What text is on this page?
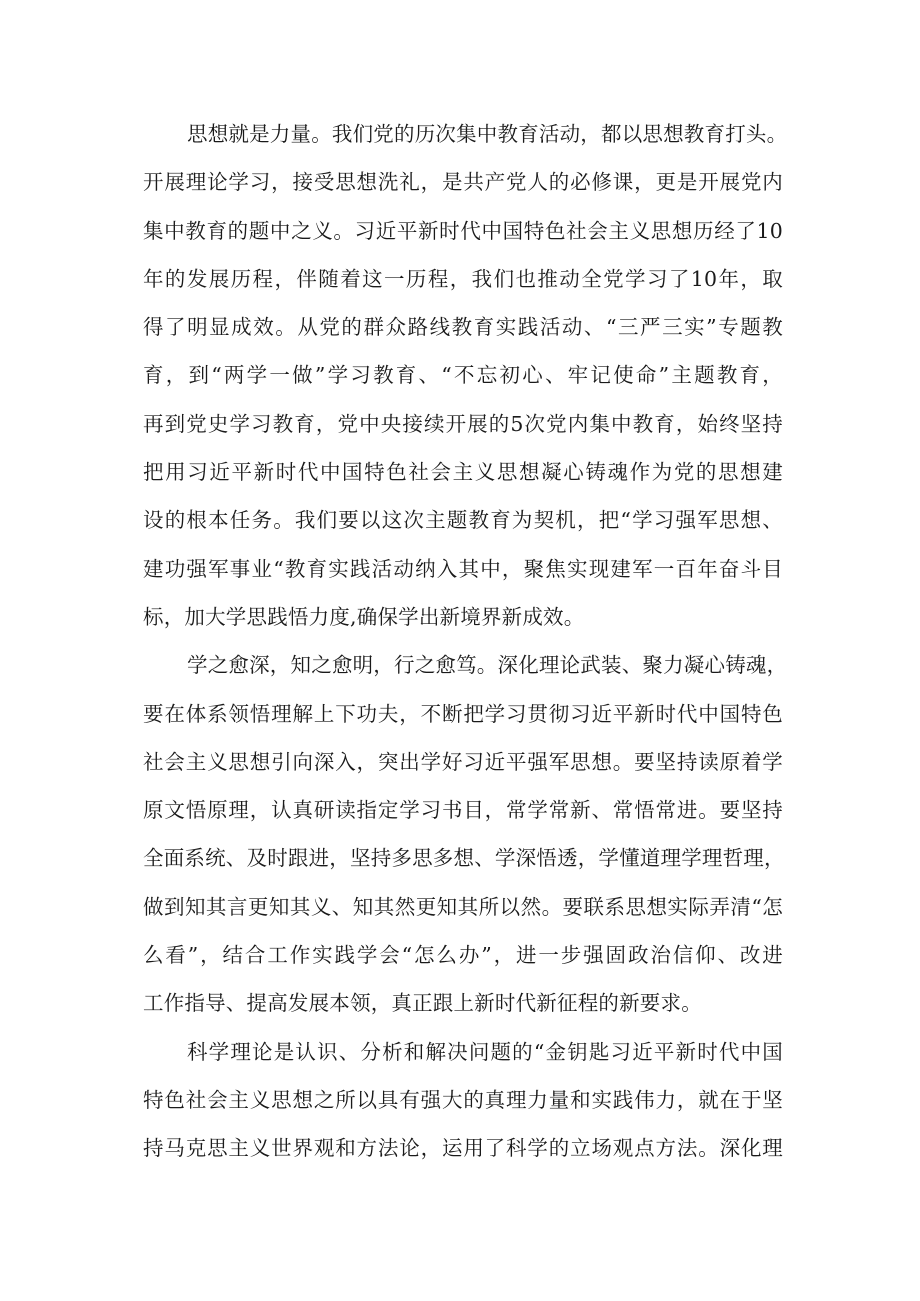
思想就是力量。我们党的历次集中教育活动，都以思想教育打头。
开展理论学习，接受思想洗礼，是共产党人的必修课，更是开展党内
集中教育的题中之义。习近平新时代中国特色社会主义思想历经了10
年的发展历程，伴随着这一历程，我们也推动全党学习了10年，取
得了明显成效。从党的群众路线教育实践活动、“三严三实”专题教
育，到“两学一做”学习教育、“不忘初心、牢记使命”主题教育，
再到党史学习教育，党中央接续开展的5次党内集中教育，始终坚持
把用习近平新时代中国特色社会主义思想凝心铸魂作为党的思想建
设的根本任务。我们要以这次主题教育为契机，把“学习强军思想、
建功强军事业“教育实践活动纳入其中，聚焦实现建军一百年奋斗目
标，加大学思践悟力度,确保学出新境界新成效。
学之愈深，知之愈明，行之愈笃。深化理论武装、聚力凝心铸魂，
要在体系领悟理解上下功夫，不断把学习贯彻习近平新时代中国特色
社会主义思想引向深入，突出学好习近平强军思想。要坚持读原着学
原文悟原理，认真研读指定学习书目，常学常新、常悟常进。要坚持
全面系统、及时跟进，坚持多思多想、学深悟透，学懂道理学理哲理，
做到知其言更知其义、知其然更知其所以然。要联系思想实际弄清“怎
么看”，结合工作实践学会“怎么办”，进一步强固政治信仰、改进
工作指导、提高发展本领，真正跟上新时代新征程的新要求。
科学理论是认识、分析和解决问题的“金钥匙习近平新时代中国
特色社会主义思想之所以具有强大的真理力量和实践伟力，就在于坚
持马克思主义世界观和方法论，运用了科学的立场观点方法。深化理
